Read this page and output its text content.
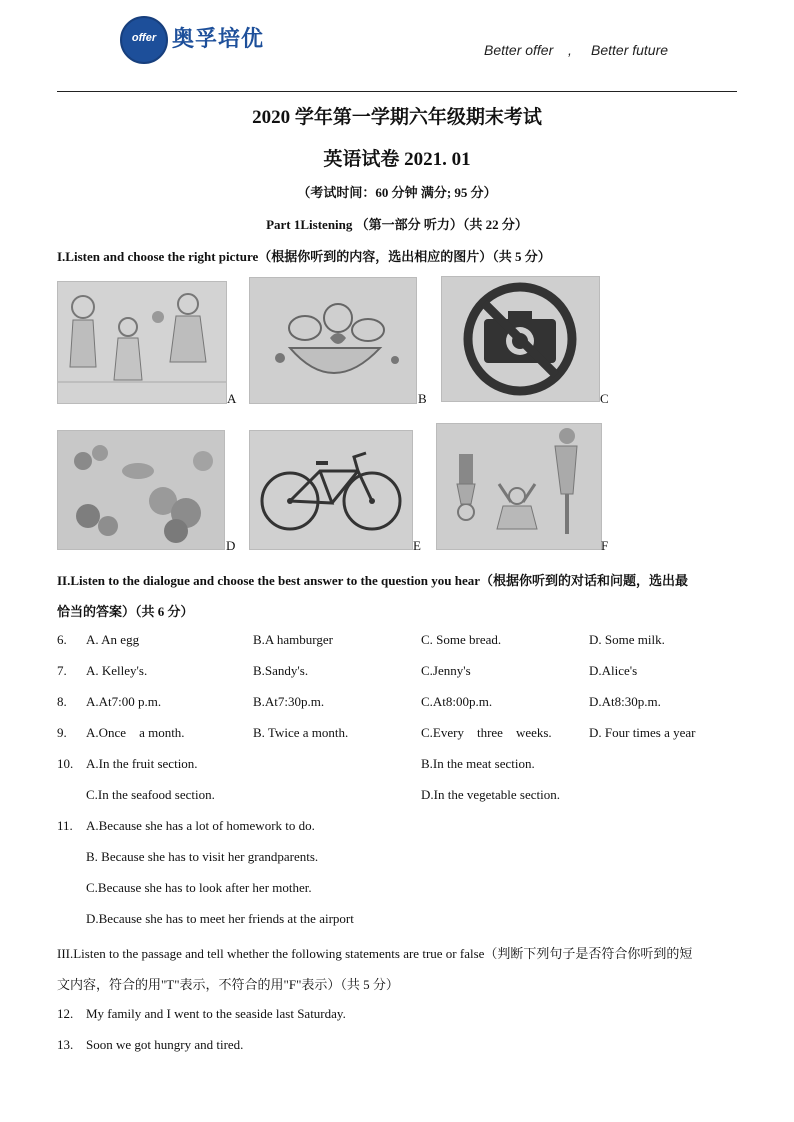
offer 奥孚培优	Better offer , Better future
2020 学年第一学期六年级期末考试
英语试卷 2021. 01
（考试时间：60 分钟 满分; 95 分）
Part 1Listening （第一部分 听力）（共 22 分）
I.Listen and choose the right picture（根据你听到的内容，选出相应的图片）（共 5 分）
A	B	C
D	E	F
II.Listen to the dialogue and choose the best answer to the question you hear（根据你听到的对话和问题，选出最
恰当的答案）（共 6 分）
6. A. An egg	B.A hamburger	C. Some bread.	D. Some milk.
7. A. Kelley's.	B.Sandy's.	C.Jenny's	D.Alice's
8. A.At7:00 p.m.	B.At7:30p.m.	C.At8:00p.m.	D.At8:30p.m.
9. A.Once    a month.	B. Twice a month.	C.Every    three    weeks.	D. Four times a year
10. A.In the fruit section.	B.In the meat section.
C.In the seafood section.	D.In the vegetable section.
11. A.Because she has a lot of homework to do.
B. Because she has to visit her grandparents.
C.Because she has to look after her mother.
D.Because she has to meet her friends at the airport
III.Listen to the passage and tell whether the following statements are true or false（判断下列句子是否符合你听到的短
文内容，符合的用"T"表示，不符合的用"F"表示）（共 5 分）
12. My family and I went to the seaside last Saturday.
13. Soon we got hungry and tired.
